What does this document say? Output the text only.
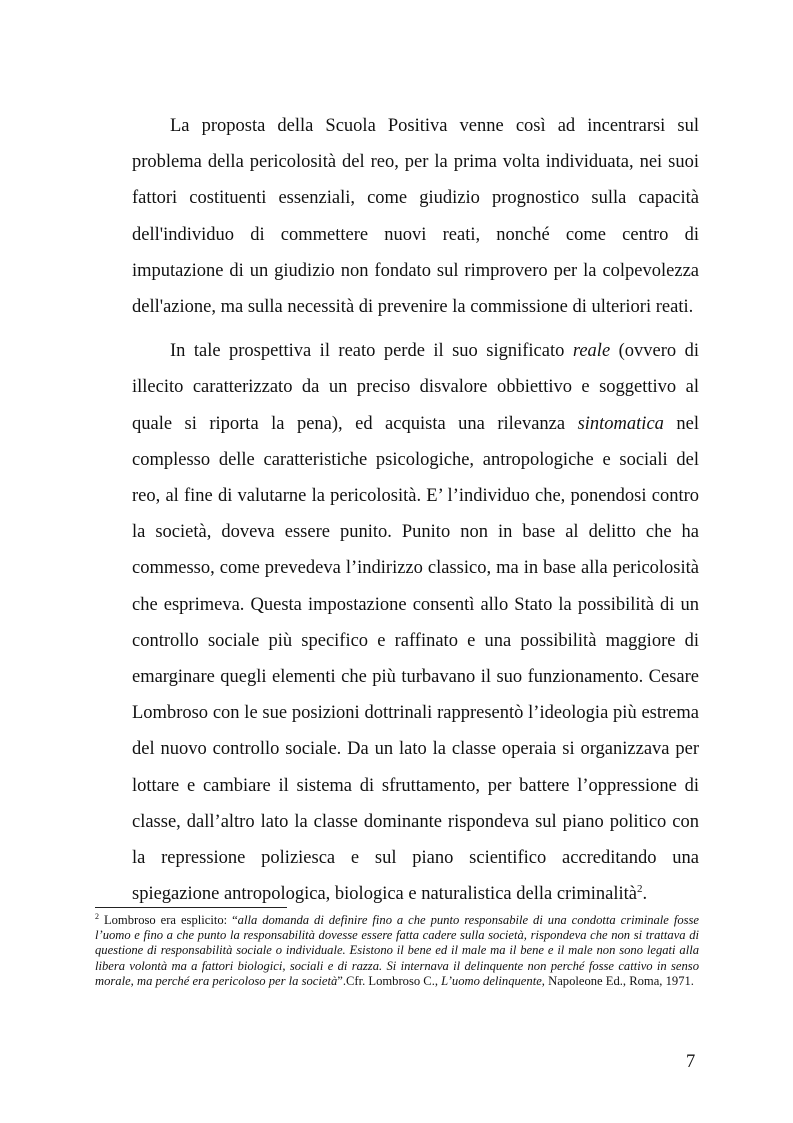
La proposta della Scuola Positiva venne così ad incentrarsi sul problema della pericolosità del reo, per la prima volta individuata, nei suoi fattori costituenti essenziali, come giudizio prognostico sulla capacità dell'individuo di commettere nuovi reati, nonché come centro di imputazione di un giudizio non fondato sul rimprovero per la colpevolezza dell'azione, ma sulla necessità di prevenire la commissione di ulteriori reati.

In tale prospettiva il reato perde il suo significato reale (ovvero di illecito caratterizzato da un preciso disvalore obbiettivo e soggettivo al quale si riporta la pena), ed acquista una rilevanza sintomatica nel complesso delle caratteristiche psicologiche, antropologiche e sociali del reo, al fine di valutarne la pericolosità. E’ l’individuo che, ponendosi contro la società, doveva essere punito. Punito non in base al delitto che ha commesso, come prevedeva l’indirizzo classico, ma in base alla pericolosità che esprimeva. Questa impostazione consentì allo Stato la possibilità di un controllo sociale più specifico e raffinato e una possibilità maggiore di emarginare quegli elementi che più turbavano il suo funzionamento. Cesare Lombroso con le sue posizioni dottrinali rappresentò l’ideologia più estrema del nuovo controllo sociale. Da un lato la classe operaia si organizzava per lottare e cambiare il sistema di sfruttamento, per battere l’oppressione di classe, dall’altro lato la classe dominante rispondeva sul piano politico con la repressione poliziesca e sul piano scientifico accreditando una spiegazione antropologica, biologica e naturalistica della criminalità$^2$.

$^2$ Lombroso era esplicito: “alla domanda di definire fino a che punto responsabile di una condotta criminale fosse l’uomo e fino a che punto la responsabilità dovesse essere fatta cadere sulla società, rispondeva che non si trattava di questione di responsabilità sociale o individuale. Esistono il bene ed il male ma il bene e il male non sono legati alla libera volontà ma a fattori biologici, sociali e di razza. Si internava il delinquente non perché fosse cattivo in senso morale, ma perché era pericoloso per la società”.Cfr. Lombroso C., L’uomo delinquente, Napoleone Ed., Roma, 1971.

7
